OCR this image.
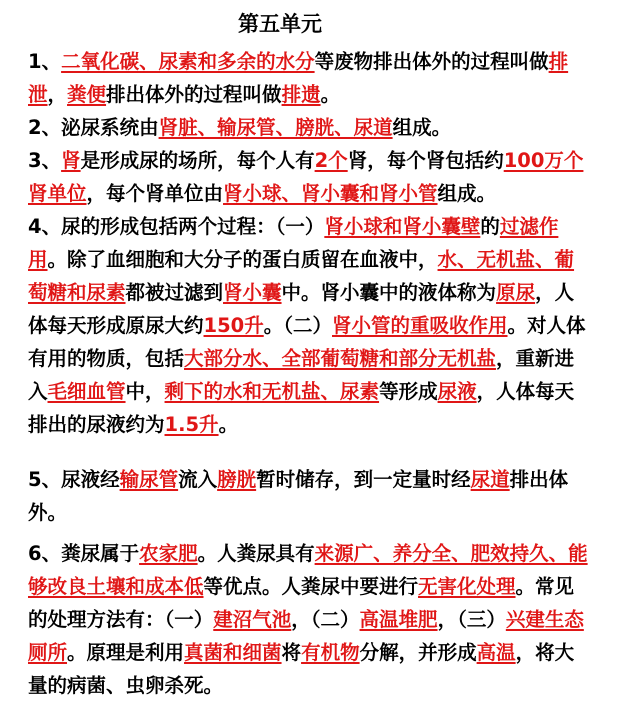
第五单元

1、二氧化碳、尿素和多余的水分等废物排出体外的过程叫做排泄，粪便排出体外的过程叫做排遗。

2、泌尿系统由肾脏、输尿管、膀胱、尿道组成。

3、肾是形成尿的场所，每个人有2个肾，每个肾包括约100万个肾单位，每个肾单位由肾小球、肾小囊和肾小管组成。

4、尿的形成包括两个过程：（一）肾小球和肾小囊壁的过滤作用。除了血细胞和大分子的蛋白质留在血液中，水、无机盐、葡萄糖和尿素都被过滤到肾小囊中。肾小囊中的液体称为原尿，人体每天形成原尿大约150升。（二）肾小管的重吸收作用。对人体有用的物质，包括大部分水、全部葡萄糖和部分无机盐，重新进入毛细血管中，剩下的水和无机盐、尿素等形成尿液，人体每天排出的尿液约为1.5升。

5、尿液经输尿管流入膀胱暂时储存，到一定量时经尿道排出体外。

6、粪尿属于农家肥。人粪尿具有来源广、养分全、肥效持久、能够改良土壤和成本低等优点。人粪尿中要进行无害化处理。常见的处理方法有：（一）建沼气池，（二）高温堆肥，（三）兴建生态厕所。原理是利用真菌和细菌将有机物分解，并形成高温，将大量的病菌、虫卵杀死。
